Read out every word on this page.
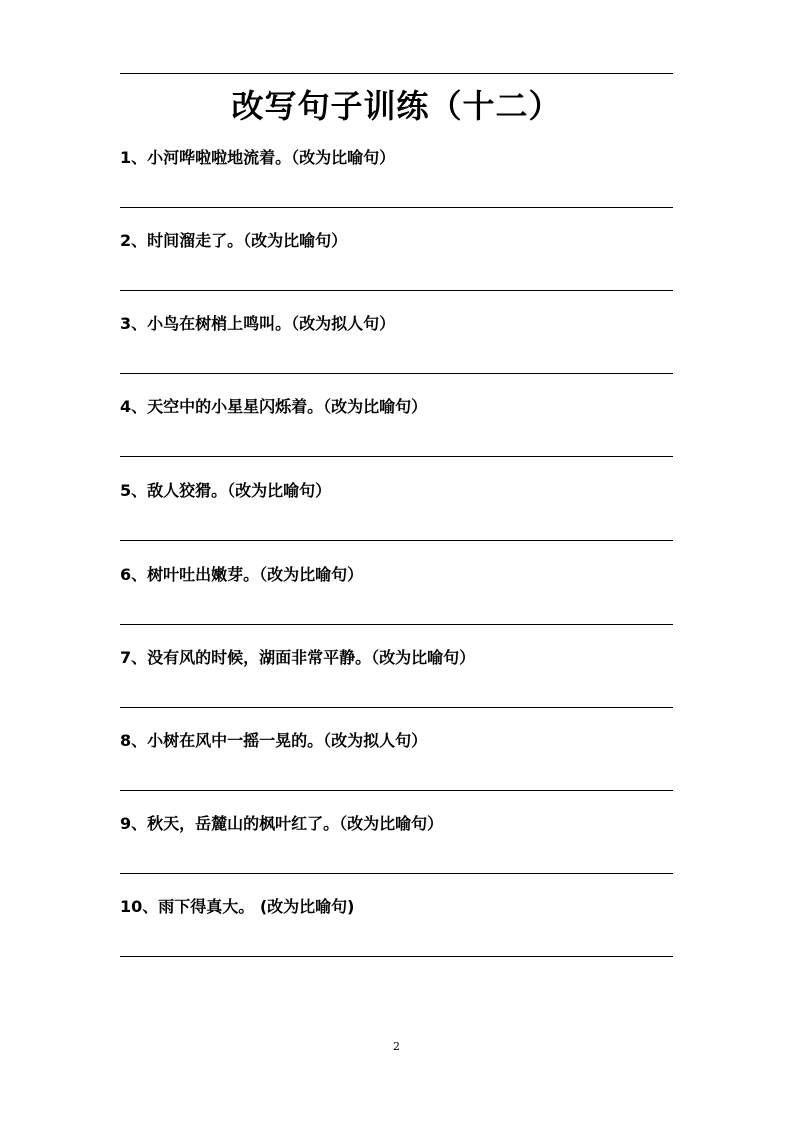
改写句子训练（十二）
1、小河哗啦啦地流着。（改为比喻句）
2、时间溜走了。（改为比喻句）
3、小鸟在树梢上鸣叫。（改为拟人句）
4、天空中的小星星闪烁着。（改为比喻句）
5、敌人狡猾。（改为比喻句）
6、树叶吐出嫩芽。（改为比喻句）
7、没有风的时候，湖面非常平静。（改为比喻句）
8、小树在风中一摇一晃的。（改为拟人句）
9、秋天，岳麓山的枫叶红了。（改为比喻句）
10、雨下得真大。 (改为比喻句)
2
